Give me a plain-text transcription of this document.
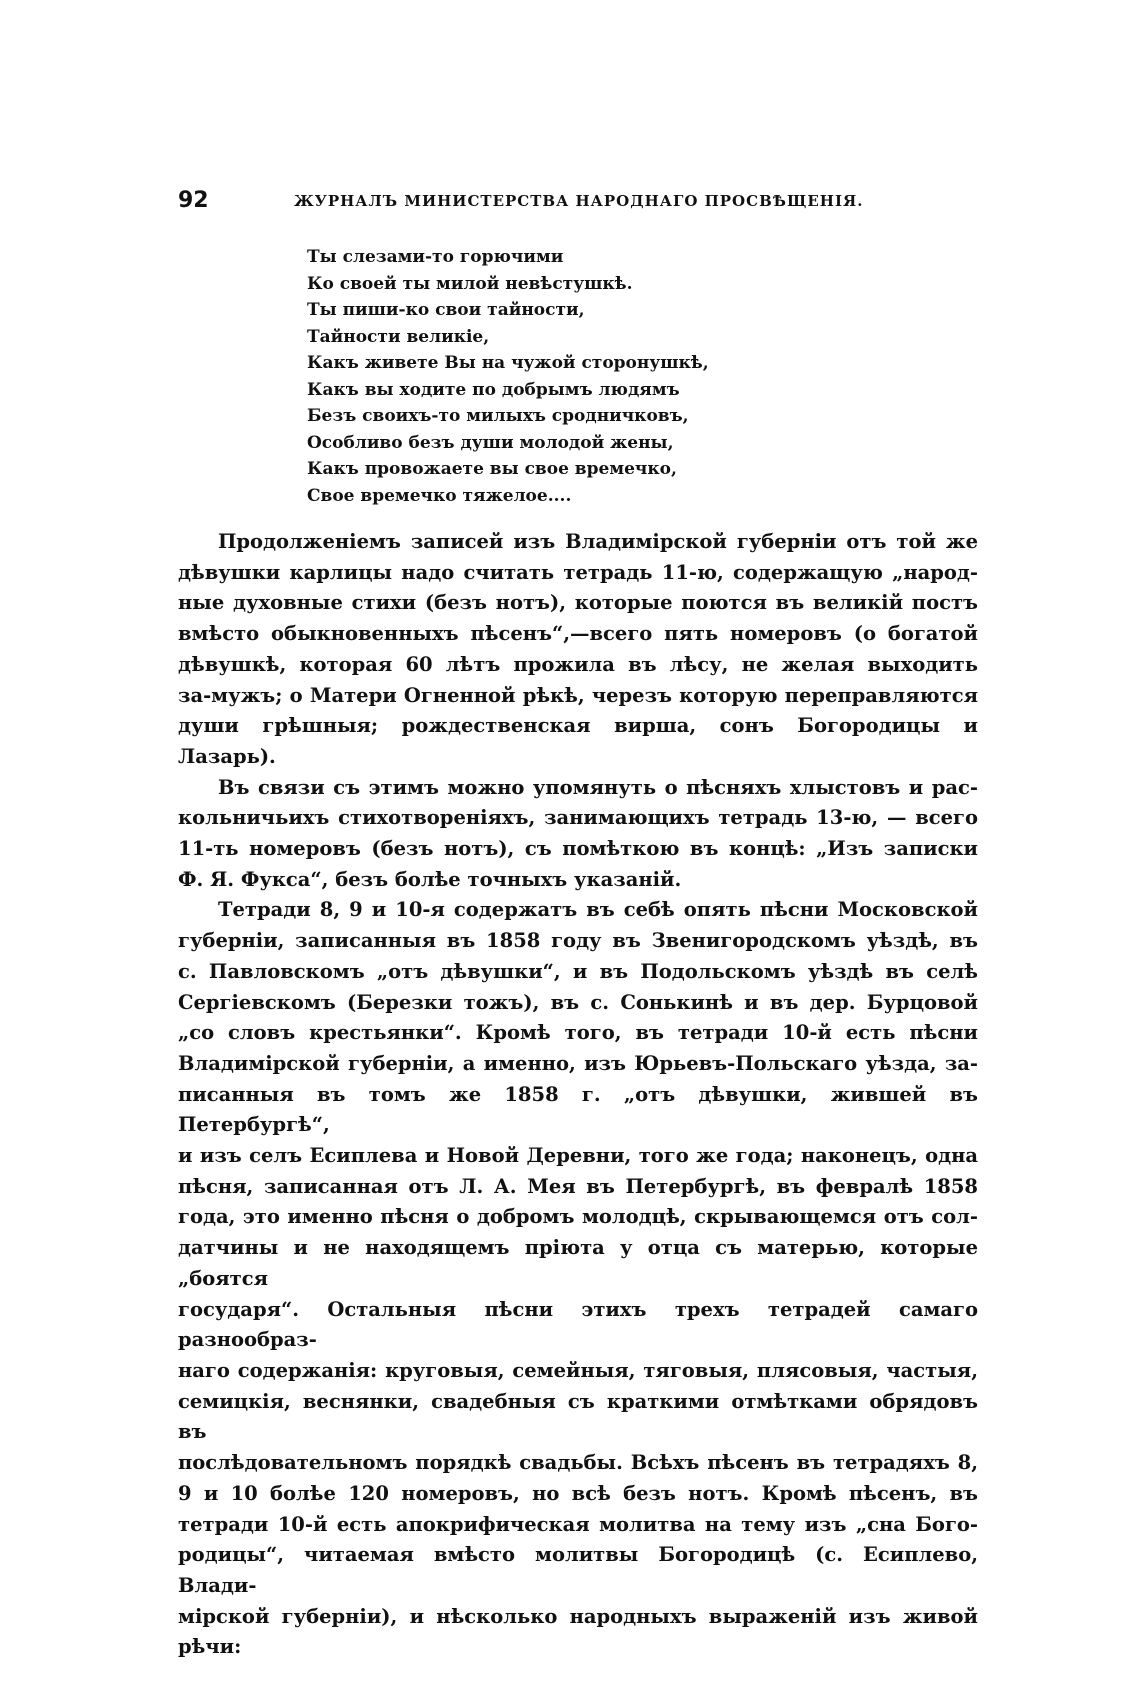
92	ЖУРНАЛЪ МИНИСТЕРСТВА НАРОДНАГО ПРОСВѢЩЕНІЯ.
Ты слезами-то горючими
Ко своей ты милой невѣстушкѣ.
Ты пиши-ко свои тайности,
Тайности великіе,
Какъ живете Вы на чужой сторонушкѣ,
Какъ вы ходите по добрымъ людямъ
Безъ своихъ-то милыхъ сродничковъ,
Особливо безъ души молодой жены,
Какъ провожаете вы свое времечко,
Свое времечко тяжелое....
Продолженіемъ записей изъ Владимірской губерніи отъ той же
дѣвушки карлицы надо считать тетрадь 11-ю, содержащую „народ-
ные духовные стихи (безъ нотъ), которые поются въ великій постъ
вмѣсто обыкновенныхъ пѣсенъ“,—всего пять номеровъ (о богатой
дѣвушкѣ, которая 60 лѣтъ прожила въ лѣсу, не желая выходить
за-мужъ; о Матери Огненной рѣкѣ, черезъ которую переправляются
души грѣшныя; рождественская вирша, сонъ Богородицы и Лазарь).
Въ связи съ этимъ можно упомянуть о пѣсняхъ хлыстовъ и рас-
кольничьихъ стихотвореніяхъ, занимающихъ тетрадь 13-ю, — всего
11-ть номеровъ (безъ нотъ), съ помѣткою въ концѣ: „Изъ записки
Ф. Я. Фукса“, безъ болѣе точныхъ указаній.
Тетради 8, 9 и 10-я содержатъ въ себѣ опять пѣсни Московской
губерніи, записанныя въ 1858 году въ Звенигородскомъ уѣздѣ, въ
с. Павловскомъ „отъ дѣвушки“, и въ Подольскомъ уѣздѣ въ селѣ
Сергіевскомъ (Березки тожъ), въ с. Сонькинѣ и въ дер. Бурцовой
„со словъ крестьянки“. Кромѣ того, въ тетради 10-й есть пѣсни
Владимірской губерніи, а именно, изъ Юрьевъ-Польскаго уѣзда, за-
писанныя въ томъ же 1858 г. „отъ дѣвушки, жившей въ Петербургѣ“,
и изъ селъ Есиплева и Новой Деревни, того же года; наконецъ, одна
пѣсня, записанная отъ Л. А. Мея въ Петербургѣ, въ февралѣ 1858
года, это именно пѣсня о добромъ молодцѣ, скрывающемся отъ сол-
датчины и не находящемъ пріюта у отца съ матерью, которые „боятся
государя“. Остальныя пѣсни этихъ трехъ тетрадей самаго разнообраз-
наго содержанія: круговыя, семейныя, тяговыя, плясовыя, частыя,
семицкія, веснянки, свадебныя съ краткими отмѣтками обрядовъ въ
послѣдовательномъ порядкѣ свадьбы. Всѣхъ пѣсенъ въ тетрадяхъ 8,
9 и 10 болѣе 120 номеровъ, но всѣ безъ нотъ. Кромѣ пѣсенъ, въ
тетради 10-й есть апокрифическая молитва на тему изъ „сна Бого-
родицы“, читаемая вмѣсто молитвы Богородицѣ (с. Есиплево, Влади-
мірской губерніи), и нѣсколько народныхъ выраженій изъ живой рѣчи:
